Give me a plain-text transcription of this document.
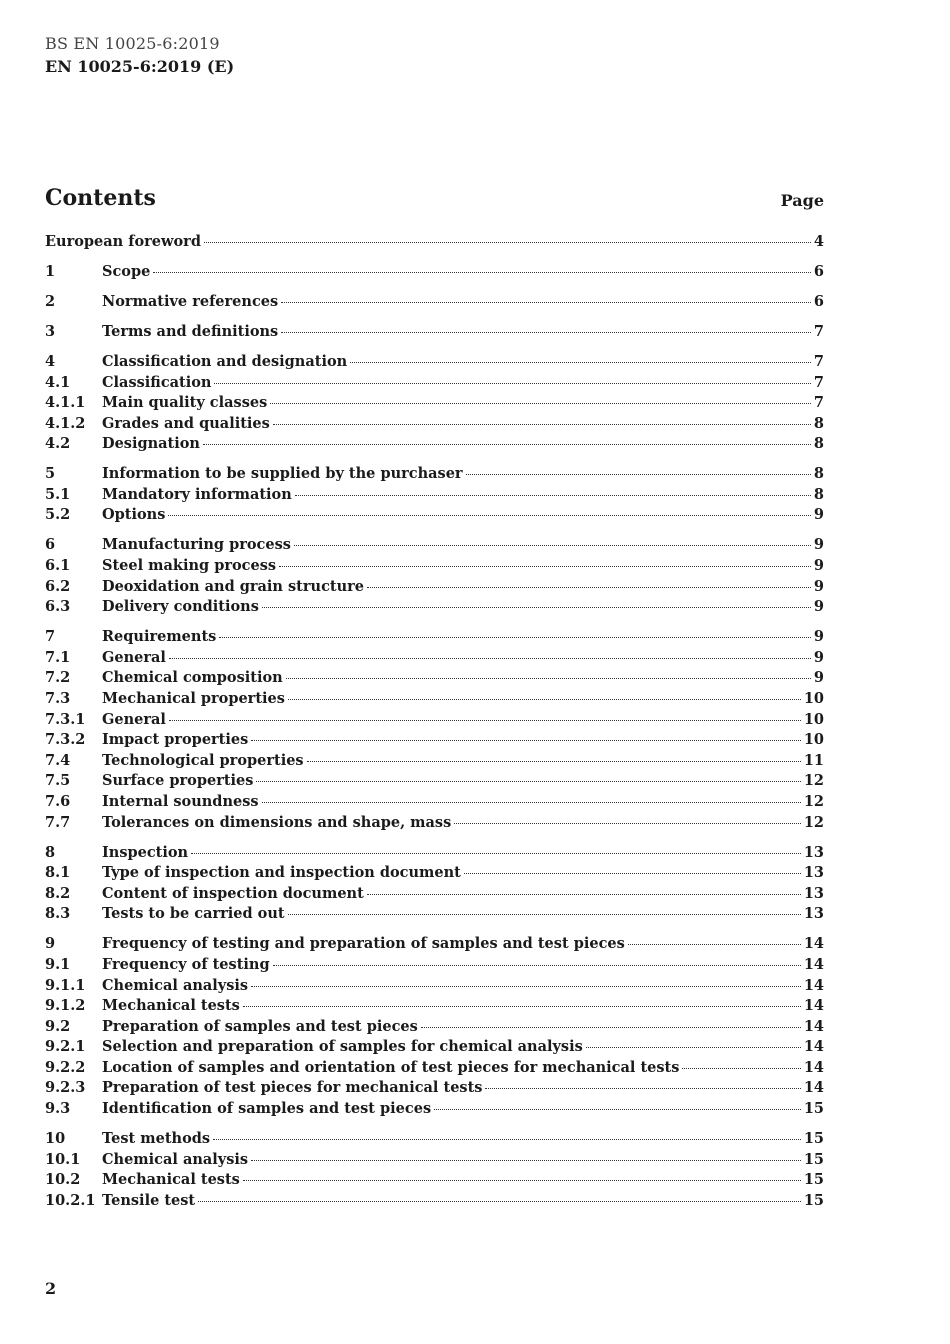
BS EN 10025-6:2019
EN 10025-6:2019 (E)
Contents	Page
European foreword	4
1	Scope	6
2	Normative references	6
3	Terms and definitions	7
4	Classification and designation	7
4.1	Classification	7
4.1.1	Main quality classes	7
4.1.2	Grades and qualities	8
4.2	Designation	8
5	Information to be supplied by the purchaser	8
5.1	Mandatory information	8
5.2	Options	9
6	Manufacturing process	9
6.1	Steel making process	9
6.2	Deoxidation and grain structure	9
6.3	Delivery conditions	9
7	Requirements	9
7.1	General	9
7.2	Chemical composition	9
7.3	Mechanical properties	10
7.3.1	General	10
7.3.2	Impact properties	10
7.4	Technological properties	11
7.5	Surface properties	12
7.6	Internal soundness	12
7.7	Tolerances on dimensions and shape, mass	12
8	Inspection	13
8.1	Type of inspection and inspection document	13
8.2	Content of inspection document	13
8.3	Tests to be carried out	13
9	Frequency of testing and preparation of samples and test pieces	14
9.1	Frequency of testing	14
9.1.1	Chemical analysis	14
9.1.2	Mechanical tests	14
9.2	Preparation of samples and test pieces	14
9.2.1	Selection and preparation of samples for chemical analysis	14
9.2.2	Location of samples and orientation of test pieces for mechanical tests	14
9.2.3	Preparation of test pieces for mechanical tests	14
9.3	Identification of samples and test pieces	15
10	Test methods	15
10.1	Chemical analysis	15
10.2	Mechanical tests	15
10.2.1 Tensile test	15
2
